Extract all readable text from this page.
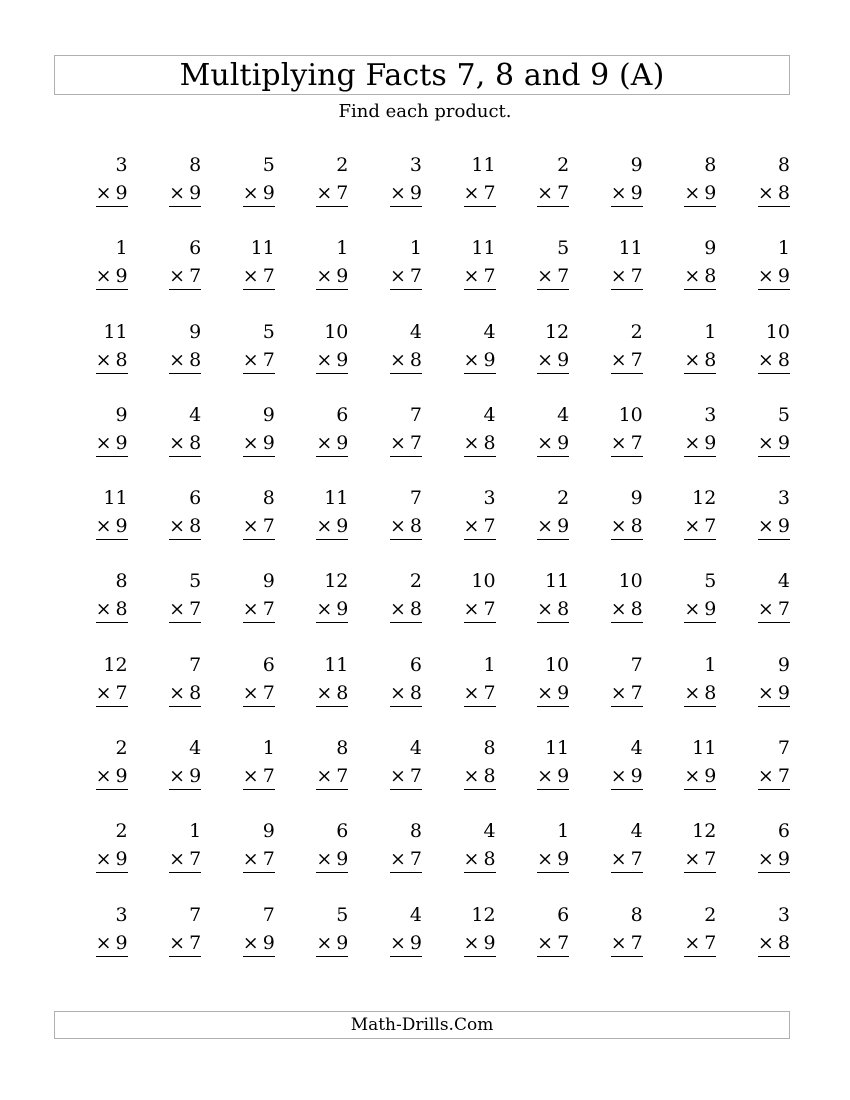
Multiplying Facts 7, 8 and 9 (A)
Find each product.
3
× 9
8
× 9
5
× 9
2
× 7
3
× 9
11
× 7
2
× 7
9
× 9
8
× 9
8
× 8
1
× 9
6
× 7
11
× 7
1
× 9
1
× 7
11
× 7
5
× 7
11
× 7
9
× 8
1
× 9
11
× 8
9
× 8
5
× 7
10
× 9
4
× 8
4
× 9
12
× 9
2
× 7
1
× 8
10
× 8
9
× 9
4
× 8
9
× 9
6
× 9
7
× 7
4
× 8
4
× 9
10
× 7
3
× 9
5
× 9
11
× 9
6
× 8
8
× 7
11
× 9
7
× 8
3
× 7
2
× 9
9
× 8
12
× 7
3
× 9
8
× 8
5
× 7
9
× 7
12
× 9
2
× 8
10
× 7
11
× 8
10
× 8
5
× 9
4
× 7
12
× 7
7
× 8
6
× 7
11
× 8
6
× 8
1
× 7
10
× 9
7
× 7
1
× 8
9
× 9
2
× 9
4
× 9
1
× 7
8
× 7
4
× 7
8
× 8
11
× 9
4
× 9
11
× 9
7
× 7
2
× 9
1
× 7
9
× 7
6
× 9
8
× 7
4
× 8
1
× 9
4
× 7
12
× 7
6
× 9
3
× 9
7
× 7
7
× 9
5
× 9
4
× 9
12
× 9
6
× 7
8
× 7
2
× 7
3
× 8
Math-Drills.Com
